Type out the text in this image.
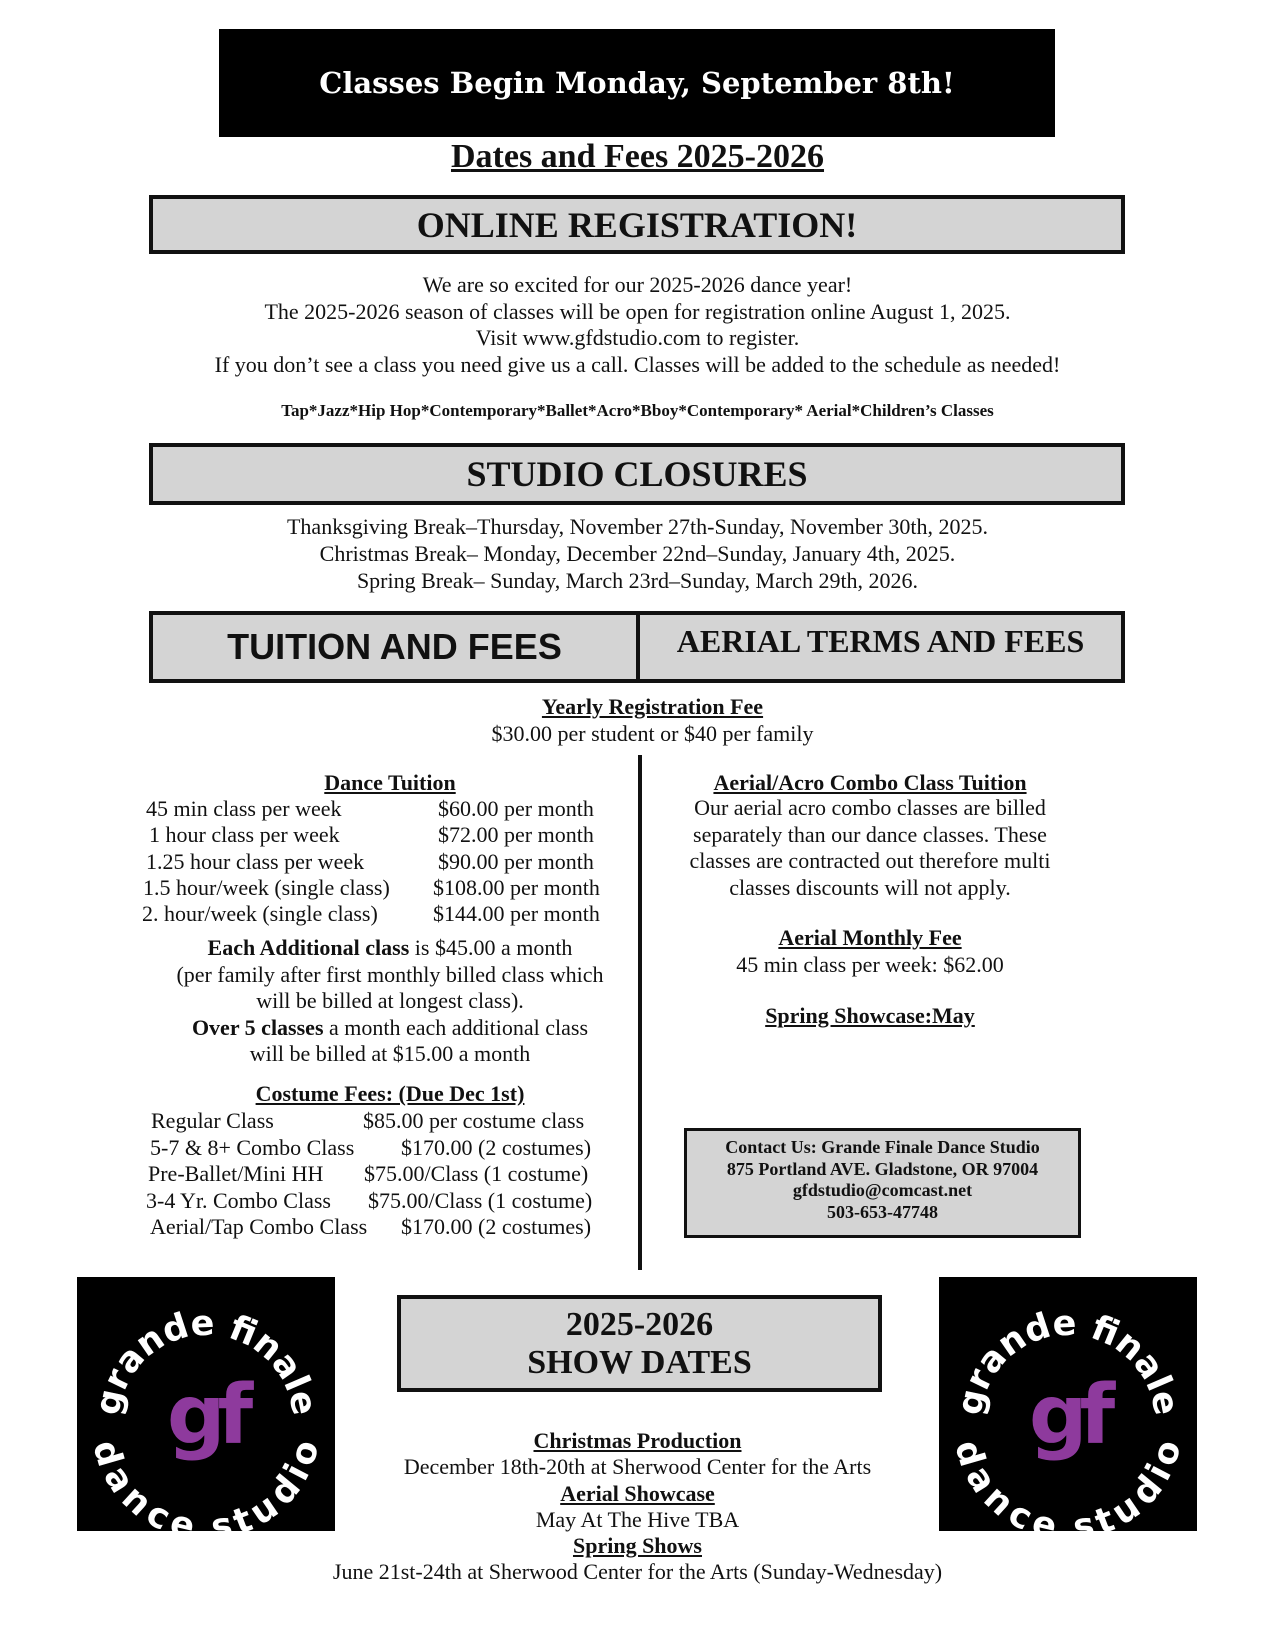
Classes Begin Monday, September 8th!
Dates and Fees 2025-2026
ONLINE REGISTRATION!
We are so excited for our 2025-2026 dance year!
The 2025-2026 season of classes will be open for registration online August 1, 2025.
Visit www.gfdstudio.com to register.
If you don’t see a class you need give us a call. Classes will be added to the schedule as needed!
Tap*Jazz*Hip Hop*Contemporary*Ballet*Acro*Bboy*Contemporary* Aerial*Children’s Classes
STUDIO CLOSURES
Thanksgiving Break–Thursday, November 27th-Sunday, November 30th, 2025.
Christmas Break– Monday, December 22nd–Sunday, January 4th, 2025.
Spring Break– Sunday, March 23rd–Sunday, March 29th, 2026.
TUITION AND FEES	AERIAL TERMS AND FEES
Yearly Registration Fee
$30.00 per student or $40 per family
Dance Tuition
45 min class per week	$60.00 per month
1 hour class per week	$72.00 per month
1.25 hour class per week	$90.00 per month
1.5 hour/week (single class) $108.00 per month
2. hour/week (single class)	$144.00 per month
Each Additional class is $45.00 a month
(per family after first monthly billed class which
will be billed at longest class).
Over 5 classes a month each additional class
will be billed at $15.00 a month
Costume Fees: (Due Dec 1st)
Regular Class	$85.00 per costume class
5-7 & 8+ Combo Class $170.00 (2 costumes)
Pre-Ballet/Mini HH $75.00/Class (1 costume)
3-4 Yr. Combo Class $75.00/Class (1 costume)
Aerial/Tap Combo Class $170.00 (2 costumes)
Aerial/Acro Combo Class Tuition
Our aerial acro combo classes are billed
separately than our dance classes. These
classes are contracted out therefore multi
classes discounts will not apply.
Aerial Monthly Fee
45 min class per week: $62.00
Spring Showcase:May
Contact Us: Grande Finale Dance Studio
875 Portland AVE. Gladstone, OR 97004
gfdstudio@comcast.net
503-653-47748
grande finale
dance studio
gf	grande finale
dance studio
gf
2025-2026
SHOW DATES
Christmas Production
December 18th-20th at Sherwood Center for the Arts
Aerial Showcase
May At The Hive TBA
Spring Shows
June 21st-24th at Sherwood Center for the Arts (Sunday-Wednesday)
